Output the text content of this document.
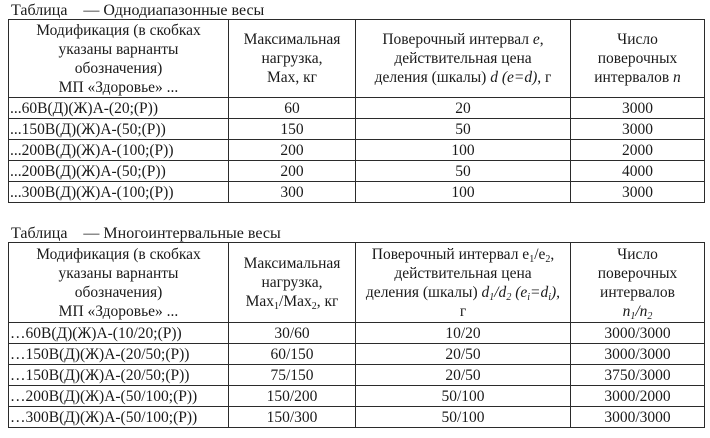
Таблица    — Однодиапазонные весы
Модификация (в скобках
указаны варнанты
обозначения)
МП «Здоровье» ...

Максимальная
нагрузка,
Max, кг

Поверочный интервал e,
действительная цена
деления (шкалы) d (e=d), г

Число
поверочных
интервалов n

...60В(Д)(Ж)А-(20;(Р))	60	20	3000
...150В(Д)(Ж)А-(50;(Р))	150	50	3000
...200В(Д)(Ж)А-(100;(Р))	200	100	2000
...200В(Д)(Ж)А-(50;(Р))	200	50	4000
...300В(Д)(Ж)А-(100;(Р))	300	100	3000
Таблица    — Многоинтервальные весы
Модификация (в скобках
указаны варнанты
обозначения)
МП «Здоровье» ...

Максимальная
нагрузка,
Max$_1$/Max$_2$, кг

Поверочный интервал $e_1/e_2$,
действительная цена
деления (шкалы) $d_1/d_2$ $(e_i=d_i)$,
г

Число
поверочных
интервалов
$n_1/n_2$

…60В(Д)(Ж)А-(10/20;(Р))	30/60	10/20	3000/3000
…150В(Д)(Ж)А-(20/50;(Р))	60/150	20/50	3000/3000
…150В(Д)(Ж)А-(20/50;(Р))	75/150	20/50	3750/3000
…200В(Д)(Ж)А-(50/100;(Р))	150/200	50/100	3000/2000
…300В(Д)(Ж)А-(50/100;(Р))	150/300	50/100	3000/3000
